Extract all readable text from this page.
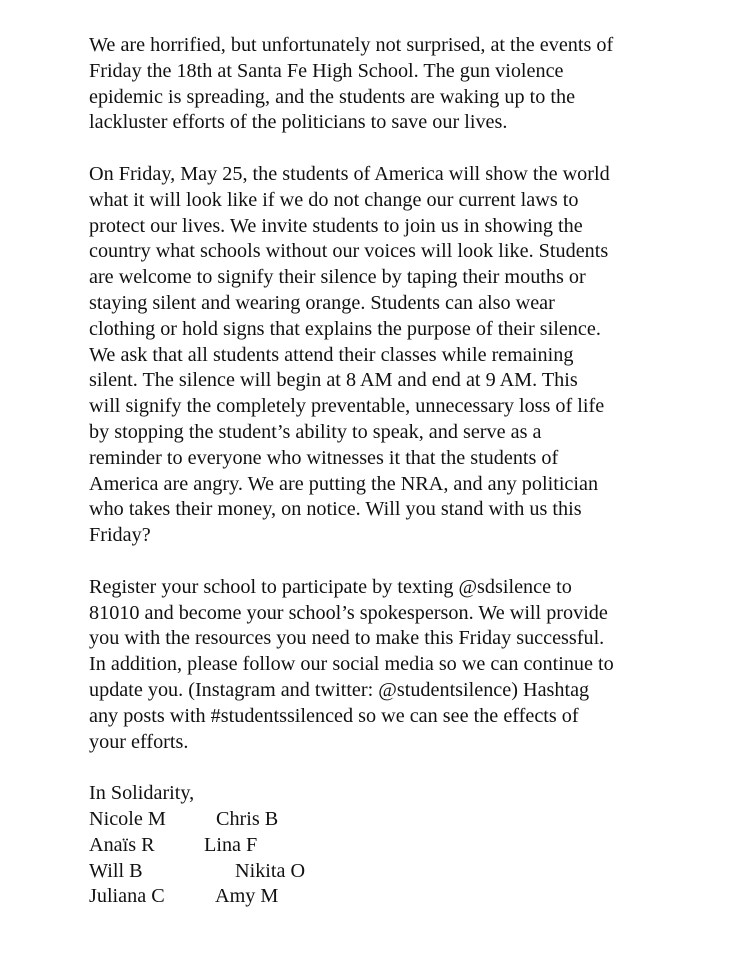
We are horrified, but unfortunately not surprised, at the events of
Friday the 18th at Santa Fe High School. The gun violence
epidemic is spreading, and the students are waking up to the
lackluster efforts of the politicians to save our lives.

On Friday, May 25, the students of America will show the world
what it will look like if we do not change our current laws to
protect our lives. We invite students to join us in showing the
country what schools without our voices will look like. Students
are welcome to signify their silence by taping their mouths or
staying silent and wearing orange. Students can also wear
clothing or hold signs that explains the purpose of their silence.
We ask that all students attend their classes while remaining
silent. The silence will begin at 8 AM and end at 9 AM. This
will signify the completely preventable, unnecessary loss of life
by stopping the student’s ability to speak, and serve as a
reminder to everyone who witnesses it that the students of
America are angry. We are putting the NRA, and any politician
who takes their money, on notice. Will you stand with us this
Friday?

Register your school to participate by texting @sdsilence to
81010 and become your school’s spokesperson. We will provide
you with the resources you need to make this Friday successful.
In addition, please follow our social media so we can continue to
update you. (Instagram and twitter: @studentsilence) Hashtag
any posts with #studentssilenced so we can see the effects of
your efforts.

In Solidarity,

Nicole M Chris B
Anaïs R Lina F
Will B	Nikita O
Juliana C Amy M
